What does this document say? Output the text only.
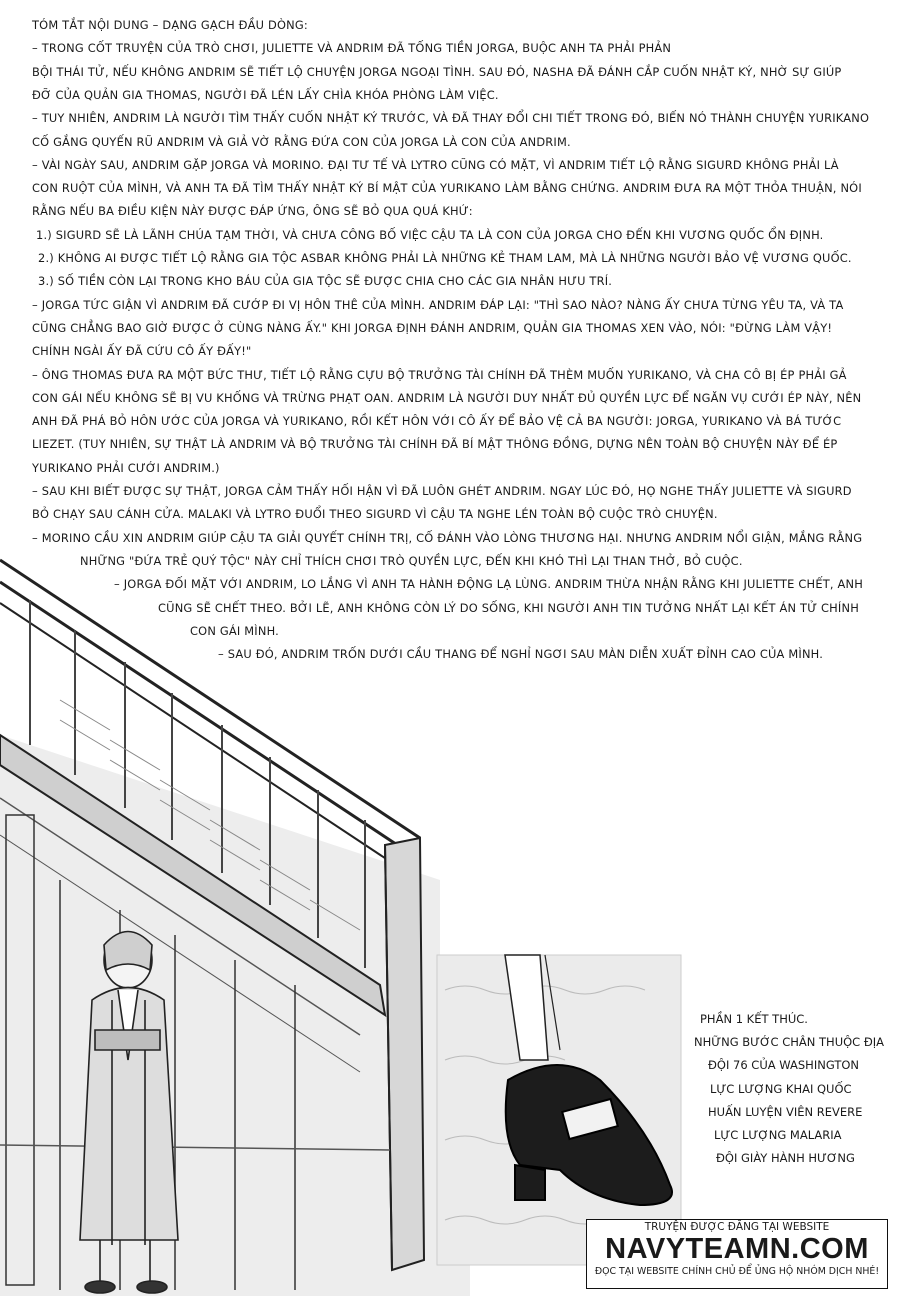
TÓM TẮT NỘI DUNG – DẠNG GẠCH ĐẦU DÒNG:
– TRONG CỐT TRUYỆN CỦA TRÒ CHƠI, JULIETTE VÀ ANDRIM ĐÃ TỐNG TIỀN JORGA, BUỘC ANH TA PHẢI PHẢN
BỘI THÁI TỬ, NẾU KHÔNG ANDRIM SẼ TIẾT LỘ CHUYỆN JORGA NGOẠI TÌNH. SAU ĐÓ, NASHA ĐÃ ĐÁNH CẮP CUỐN NHẬT KÝ, NHỜ SỰ GIÚP
ĐỠ CỦA QUẢN GIA THOMAS, NGƯỜI ĐÃ LÉN LẤY CHÌA KHÓA PHÒNG LÀM VIỆC.
– TUY NHIÊN, ANDRIM LÀ NGƯỜI TÌM THẤY CUỐN NHẬT KÝ TRƯỚC, VÀ ĐÃ THAY ĐỔI CHI TIẾT TRONG ĐÓ, BIẾN NÓ THÀNH CHUYỆN YURIKANO
CỐ GẮNG QUYẾN RŨ ANDRIM VÀ GIẢ VỜ RẰNG ĐỨA CON CỦA JORGA LÀ CON CỦA ANDRIM.
– VÀI NGÀY SAU, ANDRIM GẶP JORGA VÀ MORINO. ĐẠI TƯ TẾ VÀ LYTRO CŨNG CÓ MẶT, VÌ ANDRIM TIẾT LỘ RẰNG SIGURD KHÔNG PHẢI LÀ
CON RUỘT CỦA MÌNH, VÀ ANH TA ĐÃ TÌM THẤY NHẬT KÝ BÍ MẬT CỦA YURIKANO LÀM BẰNG CHỨNG. ANDRIM ĐƯA RA MỘT THỎA THUẬN, NÓI
RẰNG NẾU BA ĐIỀU KIỆN NÀY ĐƯỢC ĐÁP ỨNG, ÔNG SẼ BỎ QUA QUÁ KHỨ:
1.) SIGURD SẼ LÀ LÃNH CHÚA TẠM THỜI, VÀ CHƯA CÔNG BỐ VIỆC CẬU TA LÀ CON CỦA JORGA CHO ĐẾN KHI VƯƠNG QUỐC ỔN ĐỊNH.
2.) KHÔNG AI ĐƯỢC TIẾT LỘ RẰNG GIA TỘC ASBAR KHÔNG PHẢI LÀ NHỮNG KẺ THAM LAM, MÀ LÀ NHỮNG NGƯỜI BẢO VỆ VƯƠNG QUỐC.
3.) SỐ TIỀN CÒN LẠI TRONG KHO BÁU CỦA GIA TỘC SẼ ĐƯỢC CHIA CHO CÁC GIA NHÂN HƯU TRÍ.
– JORGA TỨC GIẬN VÌ ANDRIM ĐÃ CƯỚP ĐI VỊ HÔN THÊ CỦA MÌNH. ANDRIM ĐÁP LẠI: "THÌ SAO NÀO? NÀNG ẤY CHƯA TỪNG YÊU TA, VÀ TA
CŨNG CHẲNG BAO GIỜ ĐƯỢC Ở CÙNG NÀNG ẤY." KHI JORGA ĐỊNH ĐÁNH ANDRIM, QUẢN GIA THOMAS XEN VÀO, NÓI: "ĐỪNG LÀM VẬY!
CHÍNH NGÀI ẤY ĐÃ CỨU CÔ ẤY ĐẤY!"
– ÔNG THOMAS ĐƯA RA MỘT BỨC THƯ, TIẾT LỘ RẰNG CỰU BỘ TRƯỞNG TÀI CHÍNH ĐÃ THÈM MUỐN YURIKANO, VÀ CHA CÔ BỊ ÉP PHẢI GẢ
CON GÁI NẾU KHÔNG SẼ BỊ VU KHỐNG VÀ TRỪNG PHẠT OAN. ANDRIM LÀ NGƯỜI DUY NHẤT ĐỦ QUYỀN LỰC ĐỂ NGĂN VỤ CƯỚI ÉP NÀY, NÊN
ANH ĐÃ PHÁ BỎ HÔN ƯỚC CỦA JORGA VÀ YURIKANO, RỒI KẾT HÔN VỚI CÔ ẤY ĐỂ BẢO VỆ CẢ BA NGƯỜI: JORGA, YURIKANO VÀ BÁ TƯỚC
LIEZET. (TUY NHIÊN, SỰ THẬT LÀ ANDRIM VÀ BỘ TRƯỞNG TÀI CHÍNH ĐÃ BÍ MẬT THÔNG ĐỒNG, DỰNG NÊN TOÀN BỘ CHUYỆN NÀY ĐỂ ÉP
YURIKANO PHẢI CƯỚI ANDRIM.)
– SAU KHI BIẾT ĐƯỢC SỰ THẬT, JORGA CẢM THẤY HỐI HẬN VÌ ĐÃ LUÔN GHÉT ANDRIM. NGAY LÚC ĐÓ, HỌ NGHE THẤY JULIETTE VÀ SIGURD
BỎ CHẠY SAU CÁNH CỬA. MALAKI VÀ LYTRO ĐUỔI THEO SIGURD VÌ CẬU TA NGHE LÉN TOÀN BỘ CUỘC TRÒ CHUYỆN.
– MORINO CẦU XIN ANDRIM GIÚP CẬU TA GIẢI QUYẾT CHÍNH TRỊ, CỐ ĐÁNH VÀO LÒNG THƯƠNG HẠI. NHƯNG ANDRIM NỔI GIẬN, MẮNG RẰNG
NHỮNG "ĐỨA TRẺ QUÝ TỘC" NÀY CHỈ THÍCH CHƠI TRÒ QUYỀN LỰC, ĐẾN KHI KHÓ THÌ LẠI THAN THỞ, BỎ CUỘC.
– JORGA ĐỐI MẶT VỚI ANDRIM, LO LẮNG VÌ ANH TA HÀNH ĐỘNG LẠ LÙNG. ANDRIM THỪA NHẬN RẰNG KHI JULIETTE CHẾT, ANH
CŨNG SẼ CHẾT THEO. BỞI LẼ, ANH KHÔNG CÒN LÝ DO SỐNG, KHI NGƯỜI ANH TIN TƯỞNG NHẤT LẠI KẾT ÁN TỬ CHÍNH
CON GÁI MÌNH.
– SAU ĐÓ, ANDRIM TRỐN DƯỚI CẦU THANG ĐỂ NGHỈ NGƠI SAU MÀN DIỄN XUẤT ĐỈNH CAO CỦA MÌNH.
PHẦN 1 KẾT THÚC.
NHỮNG BƯỚC CHÂN THUỘC ĐỊA
ĐỘI 76 CỦA WASHINGTON
LỰC LƯỢNG KHAI QUỐC
HUẤN LUYỆN VIÊN REVERE
LỰC LƯỢNG MALARIA
ĐỘI GIÀY HÀNH HƯƠNG
TRUYỆN ĐƯỢC ĐĂNG TẠI WEBSITE
NAVYTEAMN.COM
ĐỌC TẠI WEBSITE CHÍNH CHỦ ĐỂ ỦNG HỘ NHÓM DỊCH NHÉ!
